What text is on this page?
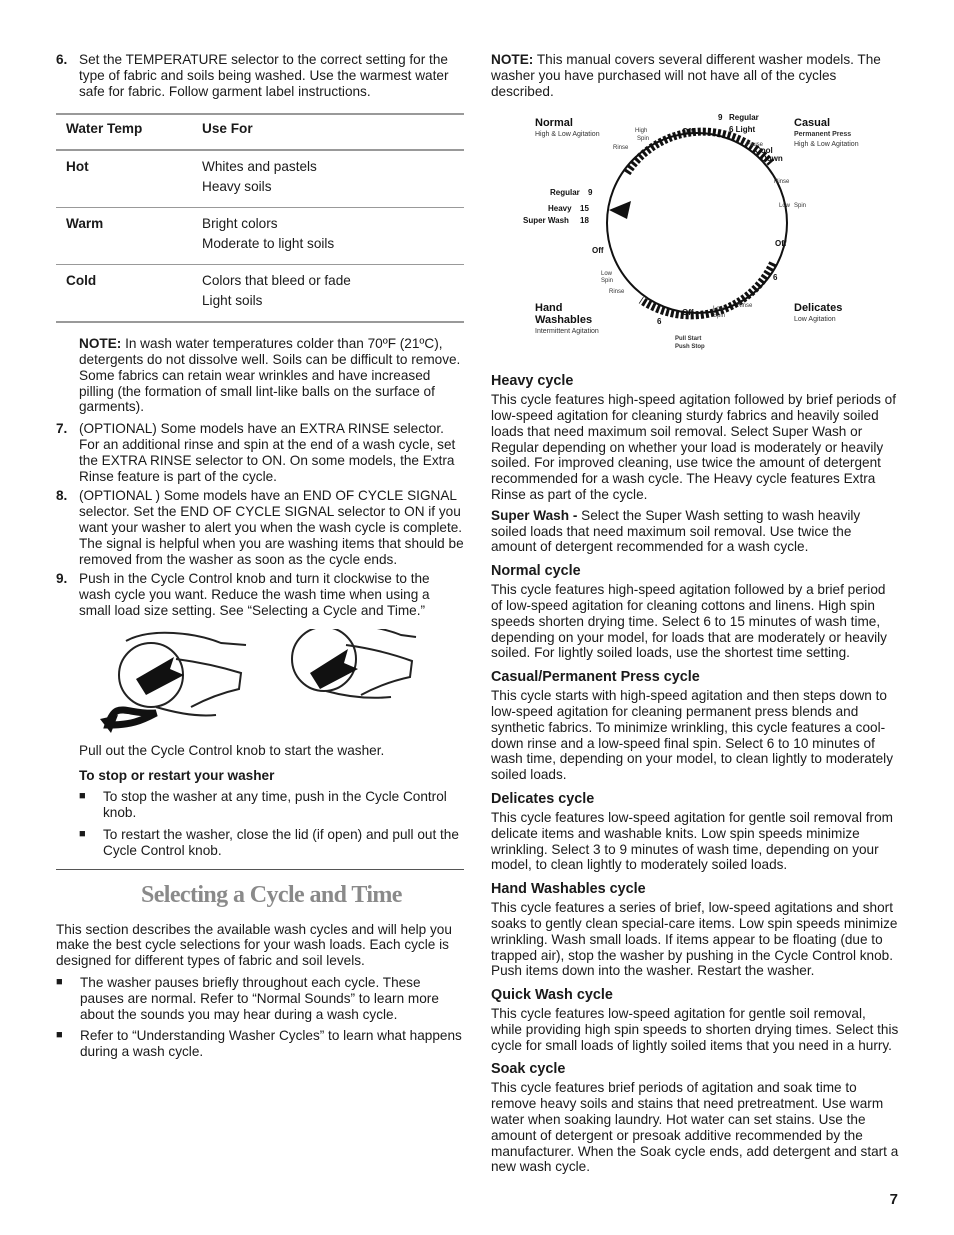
6. Set the TEMPERATURE selector to the correct setting for the type of fabric and soils being washed. Use the warmest water safe for fabric. Follow garment label instructions.
Water Temp	Use For
Hot	Whites and pastels
Heavy soils

Warm	Bright colors
Moderate to light soils

Cold	Colors that bleed or fade
Light soils

NOTE: In wash water temperatures colder than 70ºF (21ºC), detergents do not dissolve well. Soils can be difficult to remove. Some fabrics can retain wear wrinkles and have increased pilling (the formation of small lint-like balls on the surface of garments).

7. (OPTIONAL) Some models have an EXTRA RINSE selector. For an additional rinse and spin at the end of a wash cycle, set the EXTRA RINSE selector to ON. On some models, the Extra Rinse feature is part of the cycle.
8. (OPTIONAL ) Some models have an END OF CYCLE SIGNAL selector. Set the END OF CYCLE SIGNAL selector to ON if you want your washer to alert you when the wash cycle is complete. The signal is helpful when you are washing items that should be removed from the washer as soon as the cycle ends.
9. Push in the Cycle Control knob and turn it clockwise to the wash cycle you want. Reduce the wash time when using a small load size setting. See “Selecting a Cycle and Time.”

Pull out the Cycle Control knob to start the washer.

To stop or restart your washer

■	To stop the washer at any time, push in the Cycle Control knob.
■	To restart the washer, close the lid (if open) and pull out the Cycle Control knob.
Selecting a Cycle and Time

This section describes the available wash cycles and will help you make the best cycle selections for your wash loads. Each cycle is designed for different types of fabric and soil levels.

■	The washer pauses briefly throughout each cycle. These pauses are normal. Refer to “Normal Sounds” to learn more about the sounds you may hear during a wash cycle.
■	Refer to “Understanding Washer Cycles” to learn what happens during a wash cycle.

NOTE: This manual covers several different washer models. The washer you have purchased will not have all of the cycles described.

Normal	Casual
Hand
Washables
Delicates
High & Low Agitation	Permanent Press
High & Low Agitation
Intermittent Agitation
Low Agitation
Regular 9
Heavy 15
Super Wash 18
9 Regular
6 Light
Cool
Down
Off
Off
Off
Off
6
6
Pause
Rinse
Rinse
Rinse
Rinse
Low Spin
High
Spin
Low
Spin
Low
Spin
Pull Start
Push Stop
Heavy cycle

This cycle features high-speed agitation followed by brief periods of low-speed agitation for cleaning sturdy fabrics and heavily soiled loads that need maximum soil removal. Select Super Wash or Regular depending on whether your load is moderately or heavily soiled. For improved cleaning, use twice the amount of detergent recommended for a wash cycle. The Heavy cycle features Extra Rinse as part of the cycle.

Super Wash - Select the Super Wash setting to wash heavily soiled loads that need maximum soil removal. Use twice the amount of detergent recommended for a wash cycle.

Normal cycle

This cycle features high-speed agitation followed by a brief period of low-speed agitation for cleaning cottons and linens. High spin speeds shorten drying time. Select 6 to 15 minutes of wash time, depending on your model, for loads that are moderately or heavily soiled. For lightly soiled loads, use the shortest time setting.

Casual/Permanent Press cycle

This cycle starts with high-speed agitation and then steps down to low-speed agitation for cleaning permanent press blends and synthetic fabrics. To minimize wrinkling, this cycle features a cool-down rinse and a low-speed final spin. Select 6 to 10 minutes of wash time, depending on your model, to clean lightly to moderately soiled loads.

Delicates cycle

This cycle features low-speed agitation for gentle soil removal from delicate items and washable knits. Low spin speeds minimize wrinkling. Select 3 to 9 minutes of wash time, depending on your model, to clean lightly to moderately soiled loads.

Hand Washables cycle

This cycle features a series of brief, low-speed agitations and short soaks to gently clean special-care items. Low spin speeds minimize wrinkling. Wash small loads. If items appear to be floating (due to trapped air), stop the washer by pushing in the Cycle Control knob. Push items down into the washer. Restart the washer.

Quick Wash cycle

This cycle features low-speed agitation for gentle soil removal, while providing high spin speeds to shorten drying times. Select this cycle for small loads of lightly soiled items that you need in a hurry.

Soak cycle

This cycle features brief periods of agitation and soak time to remove heavy soils and stains that need pretreatment. Use warm water when soaking laundry. Hot water can set stains. Use the amount of detergent or presoak additive recommended by the manufacturer. When the Soak cycle ends, add detergent and start a new wash cycle.

7
